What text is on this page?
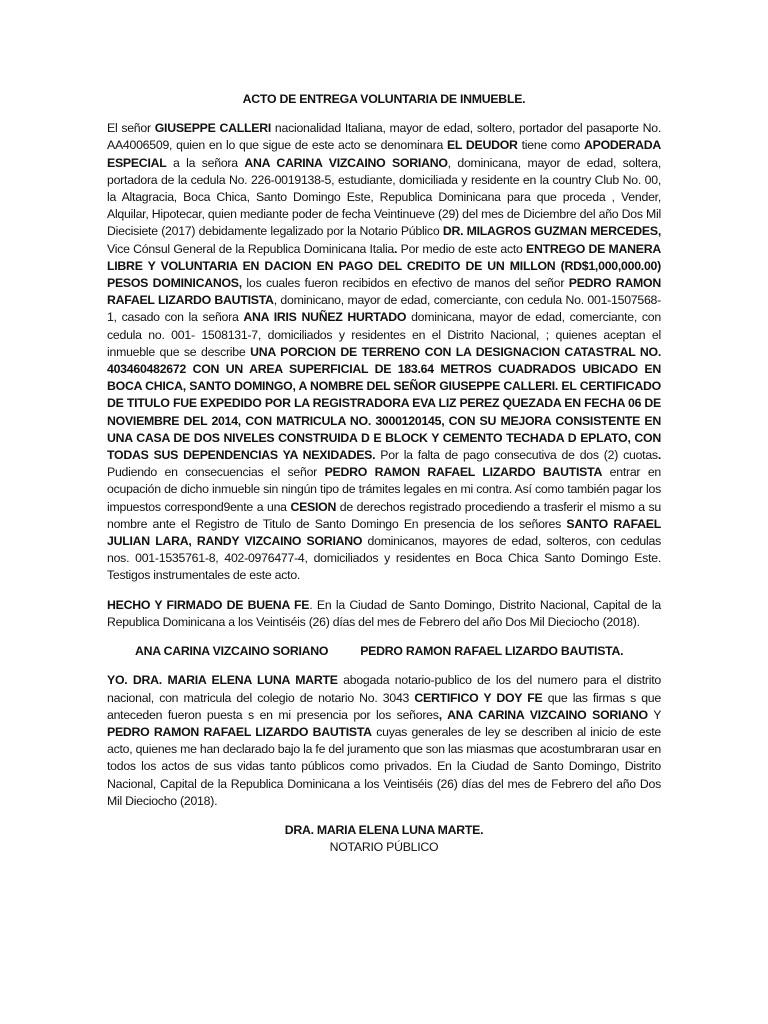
ACTO DE ENTREGA VOLUNTARIA DE INMUEBLE.
El señor GIUSEPPE CALLERI nacionalidad Italiana, mayor de edad, soltero, portador del pasaporte No. AA4006509, quien en lo que sigue de este acto se denominara EL DEUDOR tiene como APODERADA ESPECIAL a la señora ANA CARINA VIZCAINO SORIANO, dominicana, mayor de edad, soltera, portadora de la cedula No. 226-0019138-5, estudiante, domiciliada y residente en la country Club No. 00, la Altagracia, Boca Chica, Santo Domingo Este, Republica Dominicana para que proceda , Vender, Alquilar, Hipotecar, quien mediante poder de fecha Veintinueve (29) del mes de Diciembre del año Dos Mil Diecisiete (2017) debidamente legalizado por la Notario Público DR. MILAGROS GUZMAN MERCEDES, Vice Cónsul General de la Republica Dominicana Italia. Por medio de este acto ENTREGO DE MANERA LIBRE Y VOLUNTARIA EN DACION EN PAGO DEL CREDITO DE UN MILLON (RD$1,000,000.00) PESOS DOMINICANOS, los cuales fueron recibidos en efectivo de manos del señor PEDRO RAMON RAFAEL LIZARDO BAUTISTA, dominicano, mayor de edad, comerciante, con cedula No. 001-1507568-1, casado con la señora ANA IRIS NUÑEZ HURTADO dominicana, mayor de edad, comerciante, con cedula no. 001- 1508131-7, domiciliados y residentes en el Distrito Nacional, ; quienes aceptan el inmueble que se describe UNA PORCION DE TERRENO CON LA DESIGNACION CATASTRAL NO. 403460482672 CON UN AREA SUPERFICIAL DE 183.64 METROS CUADRADOS UBICADO EN BOCA CHICA, SANTO DOMINGO, A NOMBRE DEL SEÑOR GIUSEPPE CALLERI. EL CERTIFICADO DE TITULO FUE EXPEDIDO POR LA REGISTRADORA EVA LIZ PEREZ QUEZADA EN FECHA 06 DE NOVIEMBRE DEL 2014, CON MATRICULA NO. 3000120145, CON SU MEJORA CONSISTENTE EN UNA CASA DE DOS NIVELES CONSTRUIDA D E BLOCK Y CEMENTO TECHADA D EPLATO, CON TODAS SUS DEPENDENCIAS YA NEXIDADES. Por la falta de pago consecutiva de dos (2) cuotas. Pudiendo en consecuencias el señor PEDRO RAMON RAFAEL LIZARDO BAUTISTA entrar en ocupación de dicho inmueble sin ningún tipo de trámites legales en mi contra. Así como también pagar los impuestos correspond9ente a una CESION de derechos registrado procediendo a trasferir el mismo a su nombre ante el Registro de Titulo de Santo Domingo En presencia de los señores SANTO RAFAEL JULIAN LARA, RANDY VIZCAINO SORIANO dominicanos, mayores de edad, solteros, con cedulas nos. 001-1535761-8, 402-0976477-4, domiciliados y residentes en Boca Chica Santo Domingo Este. Testigos instrumentales de este acto.
HECHO Y FIRMADO DE BUENA FE. En la Ciudad de Santo Domingo, Distrito Nacional, Capital de la Republica Dominicana a los Veintiséis (26) días del mes de Febrero del año Dos Mil Dieciocho (2018).
ANA CARINA VIZCAINO SORIANO	PEDRO RAMON RAFAEL LIZARDO BAUTISTA.
YO. DRA. MARIA ELENA LUNA MARTE abogada notario-publico de los del numero para el distrito nacional, con matricula del colegio de notario No. 3043 CERTIFICO Y DOY FE que las firmas s que anteceden fueron puesta s en mi presencia por los señores, ANA CARINA VIZCAINO SORIANO Y PEDRO RAMON RAFAEL LIZARDO BAUTISTA cuyas generales de ley se describen al inicio de este acto, quienes me han declarado bajo la fe del juramento que son las miasmas que acostumbraran usar en todos los actos de sus vidas tanto públicos como privados. En la Ciudad de Santo Domingo, Distrito Nacional, Capital de la Republica Dominicana a los Veintiséis (26) días del mes de Febrero del año Dos Mil Dieciocho (2018).
DRA. MARIA ELENA LUNA MARTE.
NOTARIO PÚBLICO
